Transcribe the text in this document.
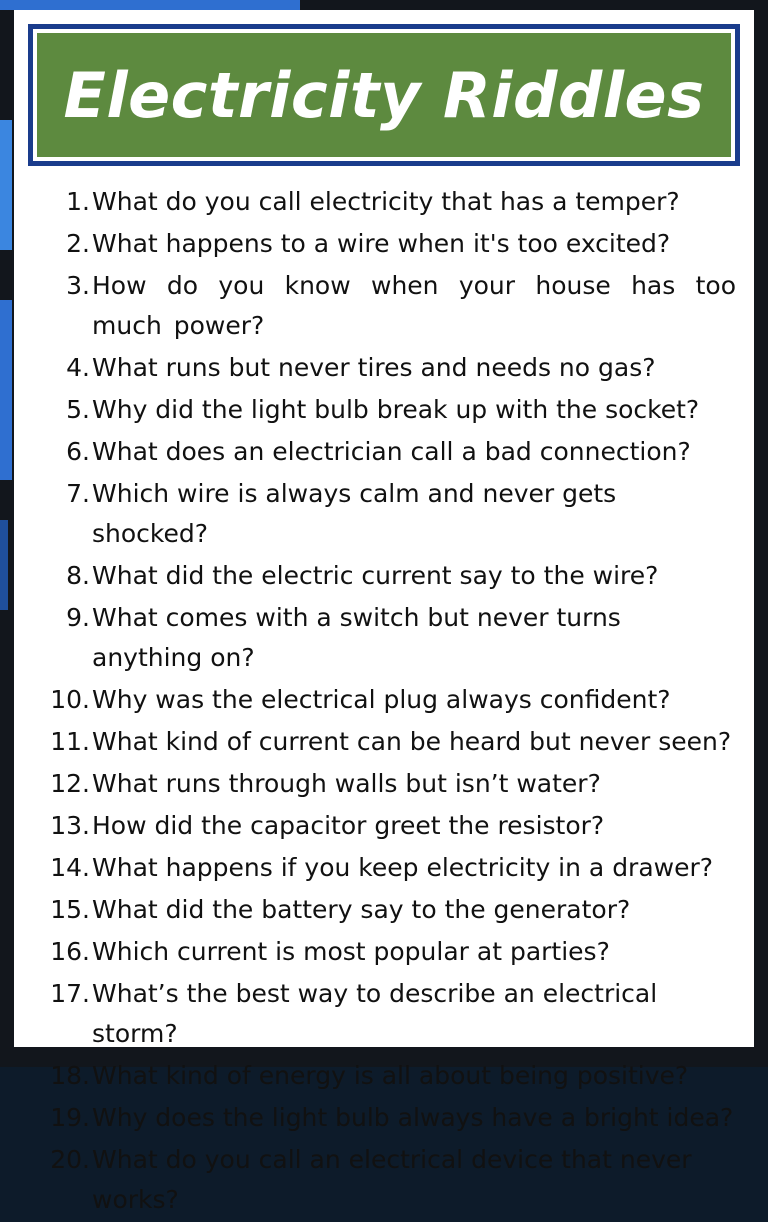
Electricity Riddles
1. What do you call electricity that has a temper?
2. What happens to a wire when it's too excited?
3. How do you know when your house has too much power?
4. What runs but never tires and needs no gas?
5. Why did the light bulb break up with the socket?
6. What does an electrician call a bad connection?
7. Which wire is always calm and never gets shocked?
8. What did the electric current say to the wire?
9. What comes with a switch but never turns anything on?
10. Why was the electrical plug always confident?
11. What kind of current can be heard but never seen?
12. What runs through walls but isn’t water?
13. How did the capacitor greet the resistor?
14. What happens if you keep electricity in a drawer?
15. What did the battery say to the generator?
16. Which current is most popular at parties?
17. What’s the best way to describe an electrical storm?
18. What kind of energy is all about being positive?
19. Why does the light bulb always have a bright idea?
20. What do you call an electrical device that never works?
